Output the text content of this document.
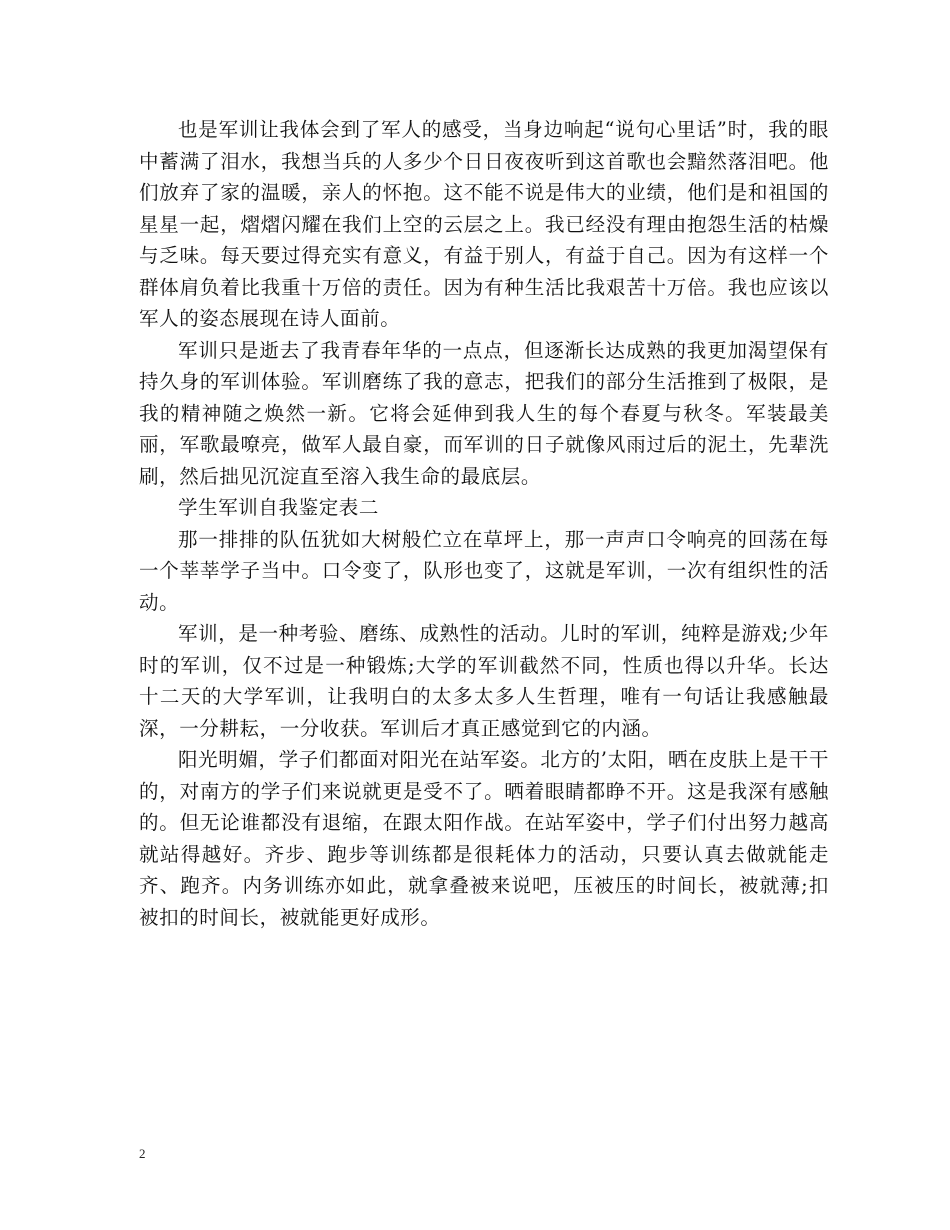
也是军训让我体会到了军人的感受，当身边响起“说句心里话”时，我的眼中蓄满了泪水，我想当兵的人多少个日日夜夜听到这首歌也会黯然落泪吧。他们放弃了家的温暖，亲人的怀抱。这不能不说是伟大的业绩，他们是和祖国的星星一起，熠熠闪耀在我们上空的云层之上。我已经没有理由抱怨生活的枯燥与乏味。每天要过得充实有意义，有益于别人，有益于自己。因为有这样一个群体肩负着比我重十万倍的责任。因为有种生活比我艰苦十万倍。我也应该以军人的姿态展现在诗人面前。

军训只是逝去了我青春年华的一点点，但逐渐长达成熟的我更加渴望保有持久身的军训体验。军训磨练了我的意志，把我们的部分生活推到了极限，是我的精神随之焕然一新。它将会延伸到我人生的每个春夏与秋冬。军装最美丽，军歌最嘹亮，做军人最自豪，而军训的日子就像风雨过后的泥土，先辈洗刷，然后拙见沉淀直至溶入我生命的最底层。

学生军训自我鉴定表二

那一排排的队伍犹如大树般伫立在草坪上，那一声声口令响亮的回荡在每一个莘莘学子当中。口令变了，队形也变了，这就是军训，一次有组织性的活动。

军训，是一种考验、磨练、成熟性的活动。儿时的军训，纯粹是游戏;少年时的军训，仅不过是一种锻炼;大学的军训截然不同，性质也得以升华。长达十二天的大学军训，让我明白的太多太多人生哲理，唯有一句话让我感触最深，一分耕耘，一分收获。军训后才真正感觉到它的内涵。

阳光明媚，学子们都面对阳光在站军姿。北方的’太阳，晒在皮肤上是干干的，对南方的学子们来说就更是受不了。晒着眼睛都睁不开。这是我深有感触的。但无论谁都没有退缩，在跟太阳作战。在站军姿中，学子们付出努力越高就站得越好。齐步、跑步等训练都是很耗体力的活动，只要认真去做就能走齐、跑齐。内务训练亦如此，就拿叠被来说吧，压被压的时间长，被就薄;扣被扣的时间长，被就能更好成形。

2
